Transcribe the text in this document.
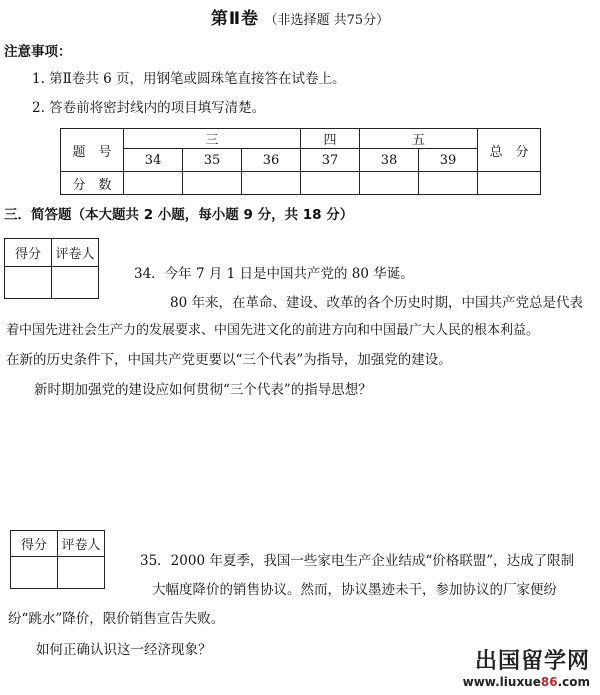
第Ⅱ卷 （非选择题 共75分）
注意事项：
1. 第Ⅱ卷共 6 页，用钢笔或圆珠笔直接答在试卷上。
2. 答卷前将密封线内的项目填写清楚。
题　号	三			四	五		总　分
	34	35	36	37	38	39	
分　数							
三．简答题（本大题共 2 小题，每小题 9 分，共 18 分）
得分	评卷人

34．今年 7 月 1 日是中国共产党的 80 华诞。
80 年来，在革命、建设、改革的各个历史时期，中国共产党总是代表
着中国先进社会生产力的发展要求、中国先进文化的前进方向和中国最广大人民的根本利益。
在新的历史条件下，中国共产党更要以“三个代表”为指导，加强党的建设。
新时期加强党的建设应如何贯彻“三个代表”的指导思想？
得分	评卷人

35．2000 年夏季，我国一些家电生产企业结成“价格联盟”，达成了限制
大幅度降价的销售协议。然而，协议墨迹未干，参加协议的厂家便纷
纷“跳水”降价，限价销售宣告失败。
如何正确认识这一经济现象？	出国留学网
www.liuxue86.com
